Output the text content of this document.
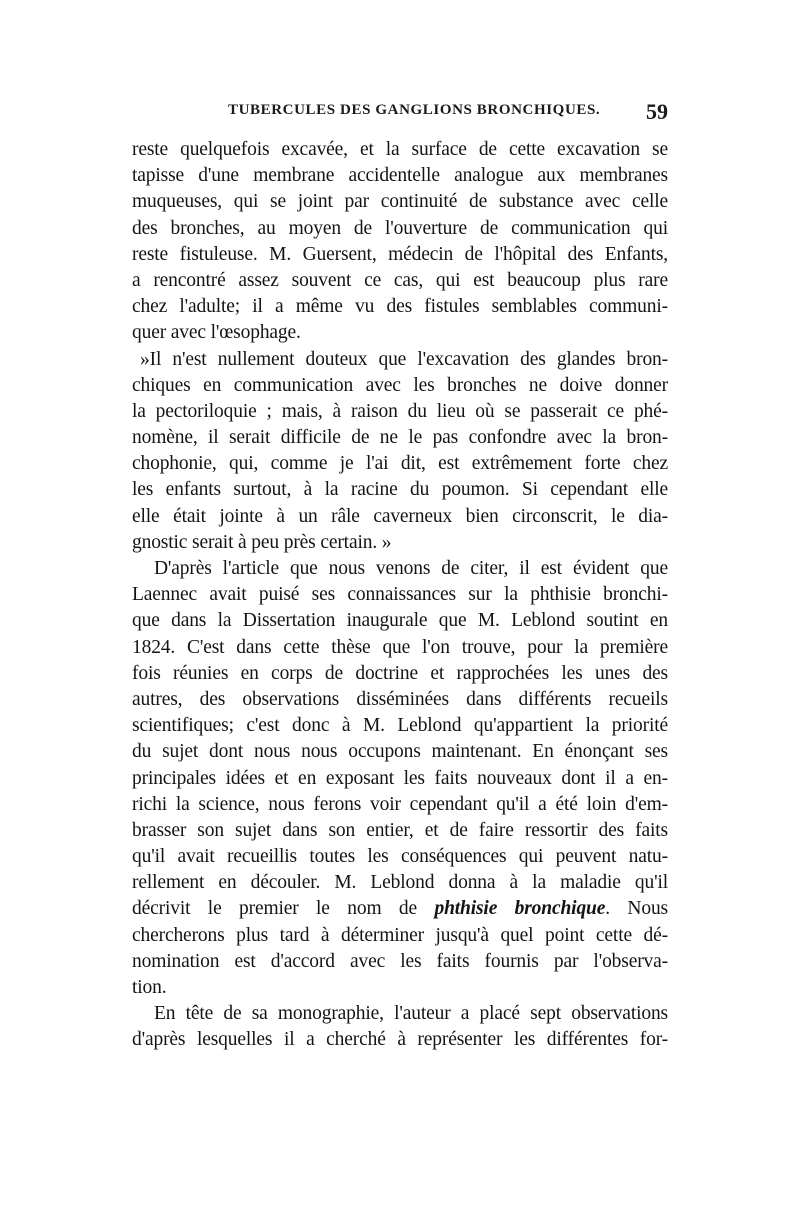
TUBERCULES DES GANGLIONS BRONCHIQUES. 59
reste quelquefois excavée, et la surface de cette excavation se
tapisse d'une membrane accidentelle analogue aux membranes
muqueuses, qui se joint par continuité de substance avec celle
des bronches, au moyen de l'ouverture de communication qui
reste fistuleuse. M. Guersent, médecin de l'hôpital des Enfants,
a rencontré assez souvent ce cas, qui est beaucoup plus rare
chez l'adulte; il a même vu des fistules semblables communi-
quer avec l'œsophage.
»Il n'est nullement douteux que l'excavation des glandes bron-
chiques en communication avec les bronches ne doive donner
la pectoriloquie ; mais, à raison du lieu où se passerait ce phé-
nomène, il serait difficile de ne le pas confondre avec la bron-
chophonie, qui, comme je l'ai dit, est extrêmement forte chez
les enfants surtout, à la racine du poumon. Si cependant elle
elle était jointe à un râle caverneux bien circonscrit, le dia-
gnostic serait à peu près certain. »
D'après l'article que nous venons de citer, il est évident que
Laennec avait puisé ses connaissances sur la phthisie bronchi-
que dans la Dissertation inaugurale que M. Leblond soutint en
1824. C'est dans cette thèse que l'on trouve, pour la première
fois réunies en corps de doctrine et rapprochées les unes des
autres, des observations disséminées dans différents recueils
scientifiques; c'est donc à M. Leblond qu'appartient la priorité
du sujet dont nous nous occupons maintenant. En énonçant ses
principales idées et en exposant les faits nouveaux dont il a en-
richi la science, nous ferons voir cependant qu'il a été loin d'em-
brasser son sujet dans son entier, et de faire ressortir des faits
qu'il avait recueillis toutes les conséquences qui peuvent natu-
rellement en découler. M. Leblond donna à la maladie qu'il
décrivit le premier le nom de phthisie bronchique. Nous
chercherons plus tard à déterminer jusqu'à quel point cette dé-
nomination est d'accord avec les faits fournis par l'observa-
tion.
En tête de sa monographie, l'auteur a placé sept observations
d'après lesquelles il a cherché à représenter les différentes for-
